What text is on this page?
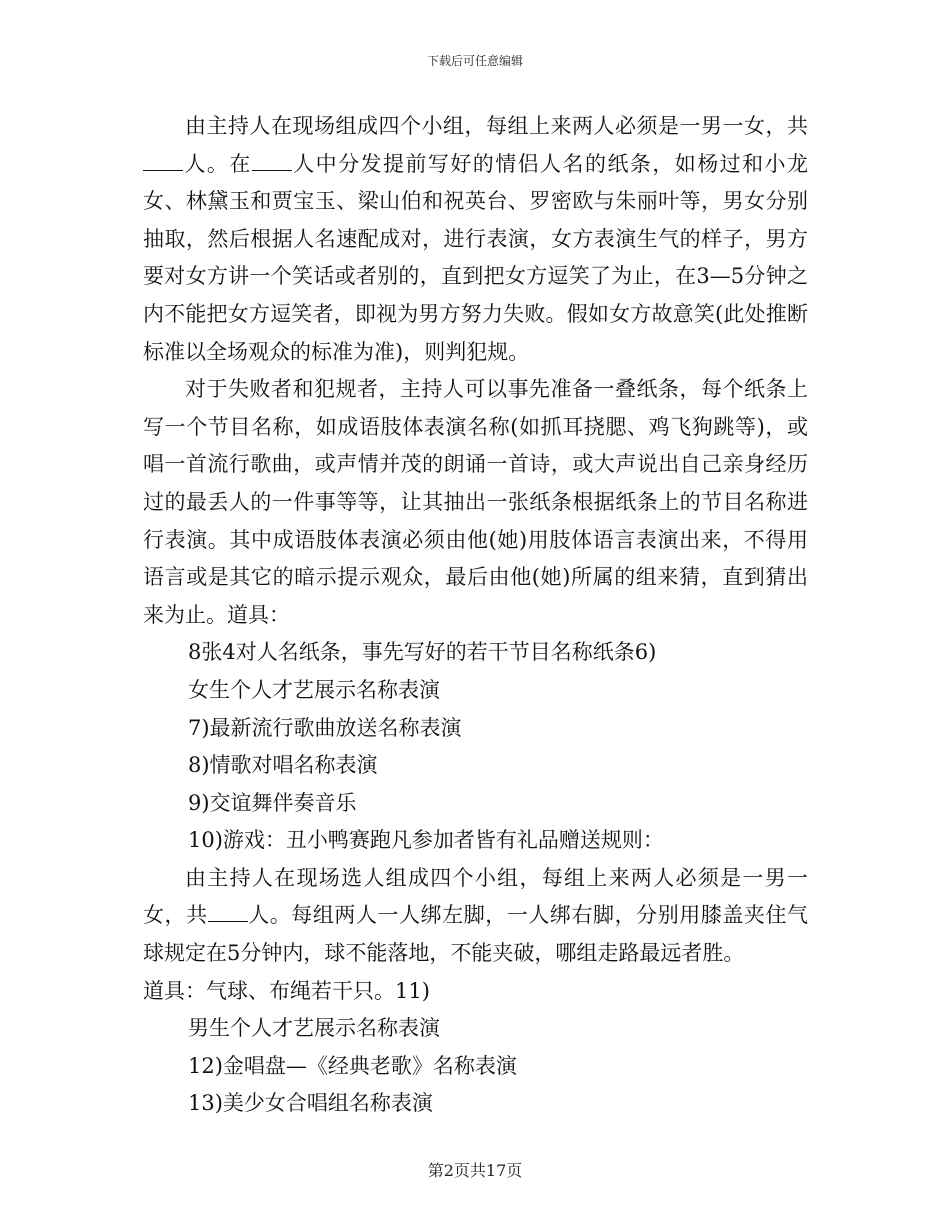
下载后可任意编辑

由主持人在现场组成四个小组，每组上来两人必须是一男一女，共人。在 人中分发提前写好的情侣人名的纸条，如杨过和小龙女、林黛玉和贾宝玉、梁山伯和祝英台、罗密欧与朱丽叶等，男女分别抽取，然后根据人名速配成对，进行表演，女方表演生气的样子，男方要对女方讲一个笑话或者别的，直到把女方逗笑了为止，在3—5分钟之内不能把女方逗笑者，即视为男方努力失败。假如女方故意笑(此处推断标准以全场观众的标准为准)，则判犯规。

对于失败者和犯规者，主持人可以事先准备一叠纸条，每个纸条上写一个节目名称，如成语肢体表演名称(如抓耳挠腮、鸡飞狗跳等)，或唱一首流行歌曲，或声情并茂的朗诵一首诗，或大声说出自己亲身经历过的最丢人的一件事等等，让其抽出一张纸条根据纸条上的节目名称进行表演。其中成语肢体表演必须由他(她)用肢体语言表演出来，不得用语言或是其它的暗示提示观众，最后由他(她)所属的组来猜，直到猜出来为止。道具：

8张4对人名纸条，事先写好的若干节目名称纸条6)

女生个人才艺展示名称表演

7)最新流行歌曲放送名称表演

8)情歌对唱名称表演

9)交谊舞伴奏音乐

10)游戏：丑小鸭赛跑凡参加者皆有礼品赠送规则：

由主持人在现场选人组成四个小组，每组上来两人必须是一男一女，共 人。每组两人一人绑左脚，一人绑右脚，分别用膝盖夹住气球规定在5分钟内，球不能落地，不能夹破，哪组走路最远者胜。

道具：气球、布绳若干只。11)

男生个人才艺展示名称表演

12)金唱盘—《经典老歌》名称表演

13)美少女合唱组名称表演

第2页共17页
